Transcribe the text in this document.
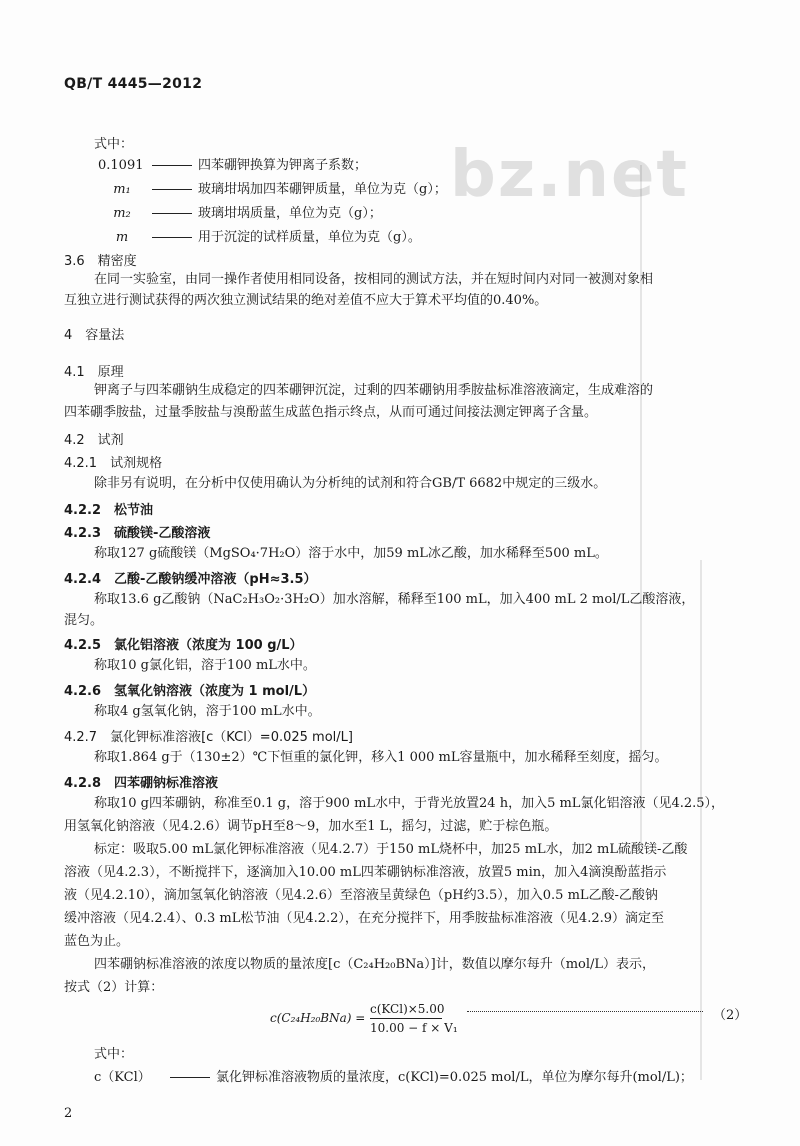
bz.net
QB/T 4445—2012
式中：
0.1091	四苯硼钾换算为钾离子系数；
m₁	玻璃坩埚加四苯硼钾质量，单位为克（g）；
m₂	玻璃坩埚质量，单位为克（g）；
m	用于沉淀的试样质量，单位为克（g）。
3.6　精密度
在同一实验室，由同一操作者使用相同设备，按相同的测试方法，并在短时间内对同一被测对象相
互独立进行测试获得的两次独立测试结果的绝对差值不应大于算术平均值的0.40%。
4　容量法
4.1　原理
钾离子与四苯硼钠生成稳定的四苯硼钾沉淀，过剩的四苯硼钠用季胺盐标准溶液滴定，生成难溶的
四苯硼季胺盐，过量季胺盐与溴酚蓝生成蓝色指示终点，从而可通过间接法测定钾离子含量。
4.2　试剂
4.2.1　试剂规格
除非另有说明，在分析中仅使用确认为分析纯的试剂和符合GB/T 6682中规定的三级水。
4.2.2　松节油
4.2.3　硫酸镁-乙酸溶液
称取127 g硫酸镁（MgSO₄·7H₂O）溶于水中，加59 mL冰乙酸，加水稀释至500 mL。
4.2.4　乙酸-乙酸钠缓冲溶液（pH≈3.5）
称取13.6 g乙酸钠（NaC₂H₃O₂·3H₂O）加水溶解，稀释至100 mL，加入400 mL 2 mol/L乙酸溶液，
混匀。
4.2.5　氯化铝溶液（浓度为 100 g/L）
称取10 g氯化铝，溶于100 mL水中。
4.2.6　氢氧化钠溶液（浓度为 1 mol/L）
称取4 g氢氧化钠，溶于100 mL水中。
4.2.7　氯化钾标准溶液[c（KCl）=0.025 mol/L]
称取1.864 g于（130±2）℃下恒重的氯化钾，移入1 000 mL容量瓶中，加水稀释至刻度，摇匀。
4.2.8　四苯硼钠标准溶液
称取10 g四苯硼钠，称准至0.1 g，溶于900 mL水中，于背光放置24 h，加入5 mL氯化铝溶液（见4.2.5），
用氢氧化钠溶液（见4.2.6）调节pH至8～9，加水至1 L，摇匀，过滤，贮于棕色瓶。
标定：吸取5.00 mL氯化钾标准溶液（见4.2.7）于150 mL烧杯中，加25 mL水，加2 mL硫酸镁-乙酸
溶液（见4.2.3），不断搅拌下，逐滴加入10.00 mL四苯硼钠标准溶液，放置5 min，加入4滴溴酚蓝指示
液（见4.2.10），滴加氢氧化钠溶液（见4.2.6）至溶液呈黄绿色（pH约3.5），加入0.5 mL乙酸-乙酸钠
缓冲溶液（见4.2.4）、0.3 mL松节油（见4.2.2），在充分搅拌下，用季胺盐标准溶液（见4.2.9）滴定至
蓝色为止。
四苯硼钠标准溶液的浓度以物质的量浓度[c（C₂₄H₂₀BNa）]计，数值以摩尔每升（mol/L）表示，
按式（2）计算：
c(C₂₄H₂₀BNa) =
c(KCl)×5.00
10.00 − f × V₁
（2）
式中：
c（KCl）	氯化钾标准溶液物质的量浓度，c(KCl)=0.025 mol/L，单位为摩尔每升(mol/L)；
2
